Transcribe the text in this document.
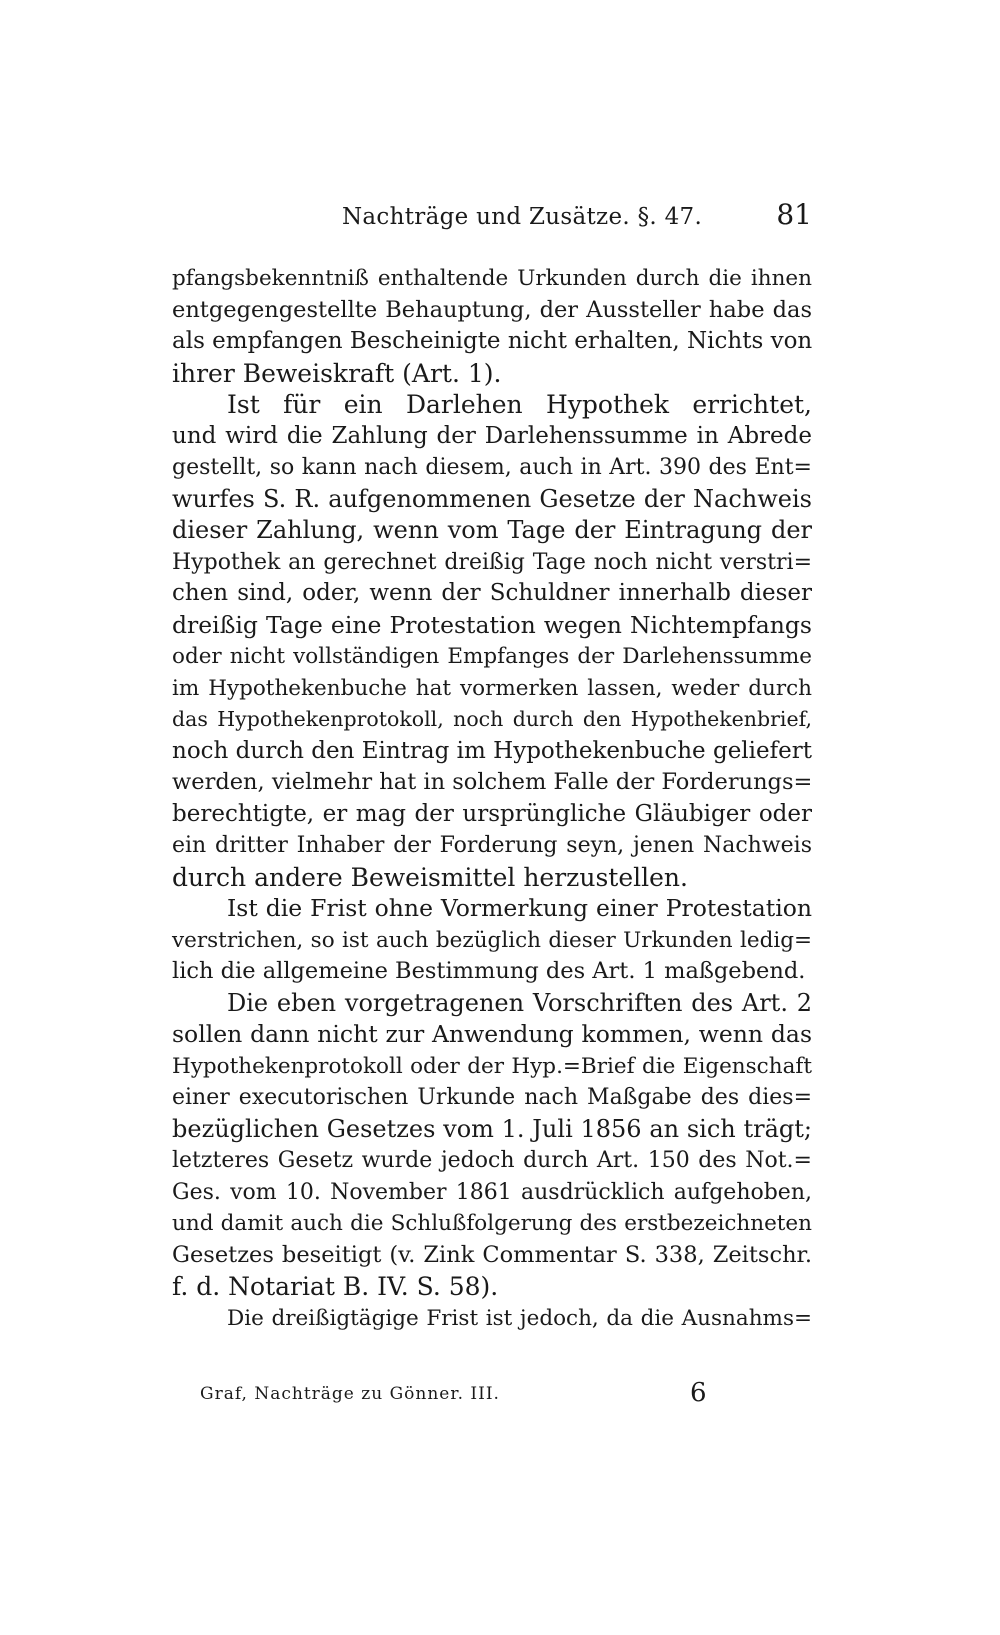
Nachträge und Zusätze. §. 47.	81
pfangsbekenntniß enthaltende Urkunden durch die ihnen
entgegengestellte Behauptung, der Aussteller habe das
als empfangen Bescheinigte nicht erhalten, Nichts von
ihrer Beweiskraft (Art. 1).
Ist für ein Darlehen Hypothek errichtet,
und wird die Zahlung der Darlehenssumme in Abrede
gestellt, so kann nach diesem, auch in Art. 390 des Ent=
wurfes S. R. aufgenommenen Gesetze der Nachweis
dieser Zahlung, wenn vom Tage der Eintragung der
Hypothek an gerechnet dreißig Tage noch nicht verstri=
chen sind, oder, wenn der Schuldner innerhalb dieser
dreißig Tage eine Protestation wegen Nichtempfangs
oder nicht vollständigen Empfanges der Darlehenssumme
im Hypothekenbuche hat vormerken lassen, weder durch
das Hypothekenprotokoll, noch durch den Hypothekenbrief,
noch durch den Eintrag im Hypothekenbuche geliefert
werden, vielmehr hat in solchem Falle der Forderungs=
berechtigte, er mag der ursprüngliche Gläubiger oder
ein dritter Inhaber der Forderung seyn, jenen Nachweis
durch andere Beweismittel herzustellen.
Ist die Frist ohne Vormerkung einer Protestation
verstrichen, so ist auch bezüglich dieser Urkunden ledig=
lich die allgemeine Bestimmung des Art. 1 maßgebend.
Die eben vorgetragenen Vorschriften des Art. 2
sollen dann nicht zur Anwendung kommen, wenn das
Hypothekenprotokoll oder der Hyp.=Brief die Eigenschaft
einer executorischen Urkunde nach Maßgabe des dies=
bezüglichen Gesetzes vom 1. Juli 1856 an sich trägt;
letzteres Gesetz wurde jedoch durch Art. 150 des Not.=
Ges. vom 10. November 1861 ausdrücklich aufgehoben,
und damit auch die Schlußfolgerung des erstbezeichneten
Gesetzes beseitigt (v. Zink Commentar S. 338, Zeitschr.
f. d. Notariat B. IV. S. 58).
Die dreißigtägige Frist ist jedoch, da die Ausnahms=
Graf, Nachträge zu Gönner. III.	6
